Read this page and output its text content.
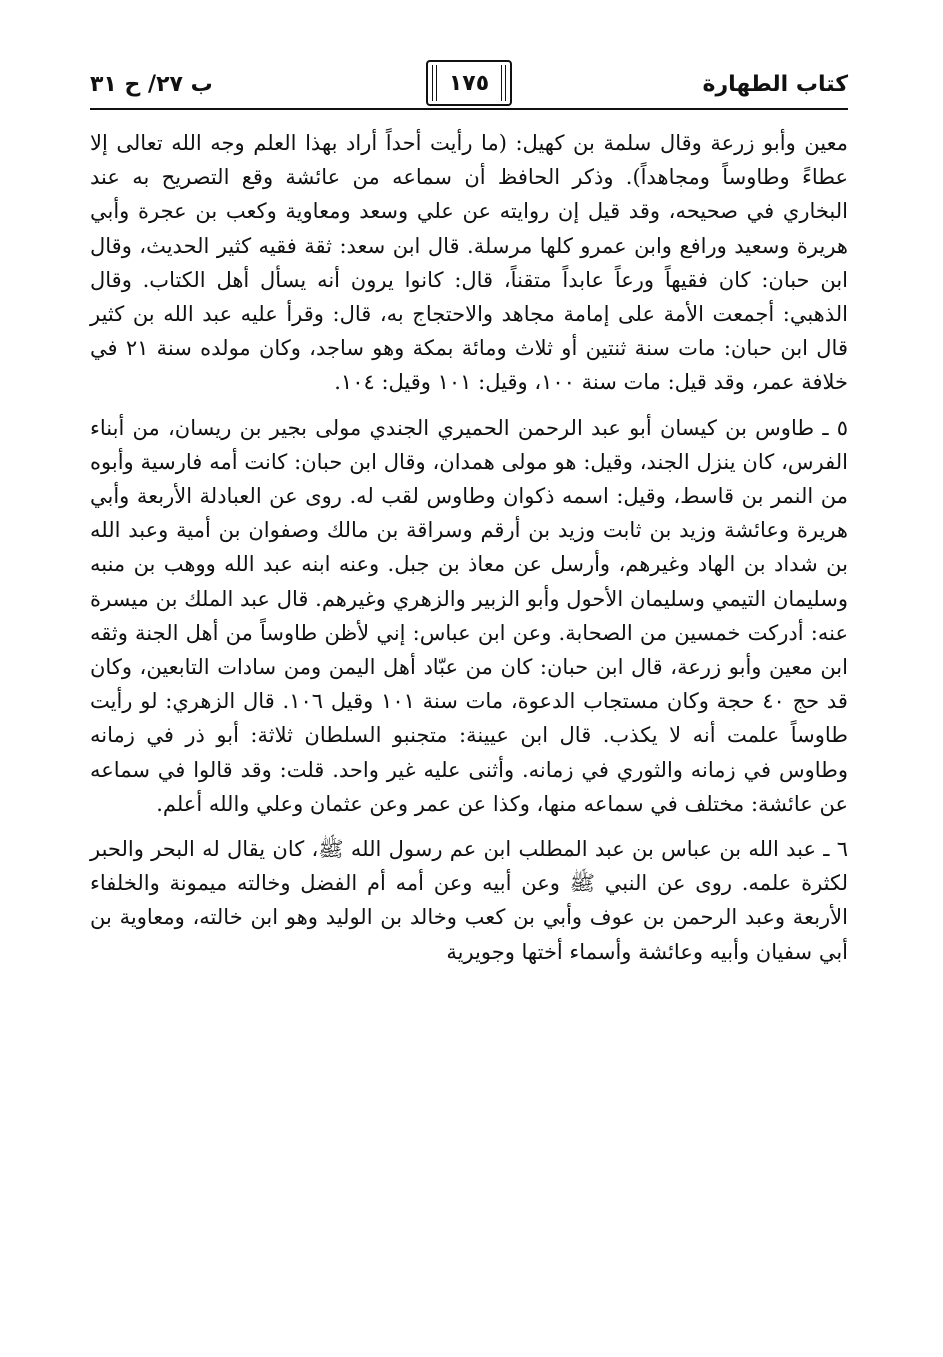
كتاب الطهارة
١٧٥
ب ٢٧/ ح ٣١

معين وأبو زرعة وقال سلمة بن كهيل: (ما رأيت أحداً أراد بهذا العلم وجه الله تعالى إلا عطاءً وطاوساً ومجاهداً). وذكر الحافظ أن سماعه من عائشة وقع التصريح به عند البخاري في صحيحه، وقد قيل إن روايته عن علي وسعد ومعاوية وكعب بن عجرة وأبي هريرة وسعيد ورافع وابن عمرو كلها مرسلة. قال ابن سعد: ثقة فقيه كثير الحديث، وقال ابن حبان: كان فقيهاً ورعاً عابداً متقناً، قال: كانوا يرون أنه يسأل أهل الكتاب. وقال الذهبي: أجمعت الأمة على إمامة مجاهد والاحتجاج به، قال: وقرأ عليه عبد الله بن كثير قال ابن حبان: مات سنة ثنتين أو ثلاث ومائة بمكة وهو ساجد، وكان مولده سنة ٢١ في خلافة عمر، وقد قيل: مات سنة ١٠٠، وقيل: ١٠١ وقيل: ١٠٤.

٥ ـ طاوس بن كيسان أبو عبد الرحمن الحميري الجندي مولى بجير بن ريسان، من أبناء الفرس، كان ينزل الجند، وقيل: هو مولى همدان، وقال ابن حبان: كانت أمه فارسية وأبوه من النمر بن قاسط، وقيل: اسمه ذكوان وطاوس لقب له. روى عن العبادلة الأربعة وأبي هريرة وعائشة وزيد بن ثابت وزيد بن أرقم وسراقة بن مالك وصفوان بن أمية وعبد الله بن شداد بن الهاد وغيرهم، وأرسل عن معاذ بن جبل. وعنه ابنه عبد الله ووهب بن منبه وسليمان التيمي وسليمان الأحول وأبو الزبير والزهري وغيرهم. قال عبد الملك بن ميسرة عنه: أدركت خمسين من الصحابة. وعن ابن عباس: إني لأظن طاوساً من أهل الجنة وثقه ابن معين وأبو زرعة، قال ابن حبان: كان من عبّاد أهل اليمن ومن سادات التابعين، وكان قد حج ٤٠ حجة وكان مستجاب الدعوة، مات سنة ١٠١ وقيل ١٠٦. قال الزهري: لو رأيت طاوساً علمت أنه لا يكذب. قال ابن عيينة: متجنبو السلطان ثلاثة: أبو ذر في زمانه وطاوس في زمانه والثوري في زمانه. وأثنى عليه غير واحد. قلت: وقد قالوا في سماعه عن عائشة: مختلف في سماعه منها، وكذا عن عمر وعن عثمان وعلي والله أعلم.

٦ ـ عبد الله بن عباس بن عبد المطلب ابن عم رسول الله ﷺ، كان يقال له البحر والحبر لكثرة علمه. روى عن النبي ﷺ وعن أبيه وعن أمه أم الفضل وخالته ميمونة والخلفاء الأربعة وعبد الرحمن بن عوف وأبي بن كعب وخالد بن الوليد وهو ابن خالته، ومعاوية بن أبي سفيان وأبيه وعائشة وأسماء أختها وجويرية
